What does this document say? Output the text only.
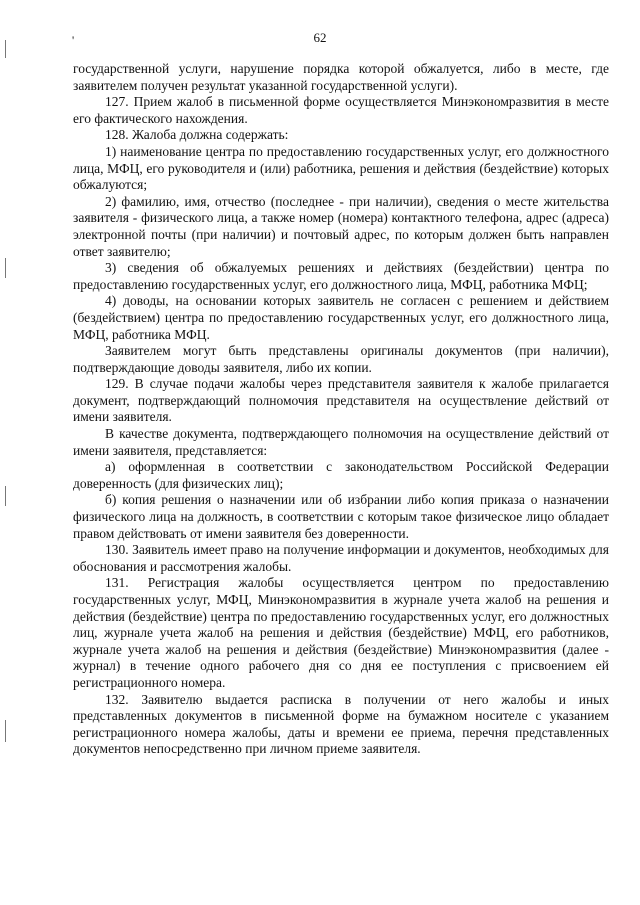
'	62

государственной услуги, нарушение порядка которой обжалуется, либо в месте, где заявителем получен результат указанной государственной услуги).

127. Прием жалоб в письменной форме осуществляется Минэкономразвития в месте его фактического нахождения.

128. Жалоба должна содержать:

1) наименование центра по предоставлению государственных услуг, его должностного лица, МФЦ, его руководителя и (или) работника, решения и действия (бездействие) которых обжалуются;

2) фамилию, имя, отчество (последнее - при наличии), сведения о месте жительства заявителя - физического лица, а также номер (номера) контактного телефона, адрес (адреса) электронной почты (при наличии) и почтовый адрес, по которым должен быть направлен ответ заявителю;

3) сведения об обжалуемых решениях и действиях (бездействии) центра по предоставлению государственных услуг, его должностного лица, МФЦ, работника МФЦ;

4) доводы, на основании которых заявитель не согласен с решением и действием (бездействием) центра по предоставлению государственных услуг, его должностного лица, МФЦ, работника МФЦ.

Заявителем могут быть представлены оригиналы документов (при наличии), подтверждающие доводы заявителя, либо их копии.

129. В случае подачи жалобы через представителя заявителя к жалобе прилагается документ, подтверждающий полномочия представителя на осуществление действий от имени заявителя.

В качестве документа, подтверждающего полномочия на осуществление действий от имени заявителя, представляется:

а) оформленная в соответствии с законодательством Российской Федерации доверенность (для физических лиц);

б) копия решения о назначении или об избрании либо копия приказа о назначении физического лица на должность, в соответствии с которым такое физическое лицо обладает правом действовать от имени заявителя без доверенности.

130. Заявитель имеет право на получение информации и документов, необходимых для обоснования и рассмотрения жалобы.

131. Регистрация жалобы осуществляется центром по предоставлению государственных услуг, МФЦ, Минэкономразвития в журнале учета жалоб на решения и действия (бездействие) центра по предоставлению государственных услуг, его должностных лиц, журнале учета жалоб на решения и действия (бездействие) МФЦ, его работников, журнале учета жалоб на решения и действия (бездействие) Минэкономразвития (далее - журнал) в течение одного рабочего дня со дня ее поступления с присвоением ей регистрационного номера.

132. Заявителю выдается расписка в получении от него жалобы и иных представленных документов в письменной форме на бумажном носителе с указанием регистрационного номера жалобы, даты и времени ее приема, перечня представленных документов непосредственно при личном приеме заявителя.
